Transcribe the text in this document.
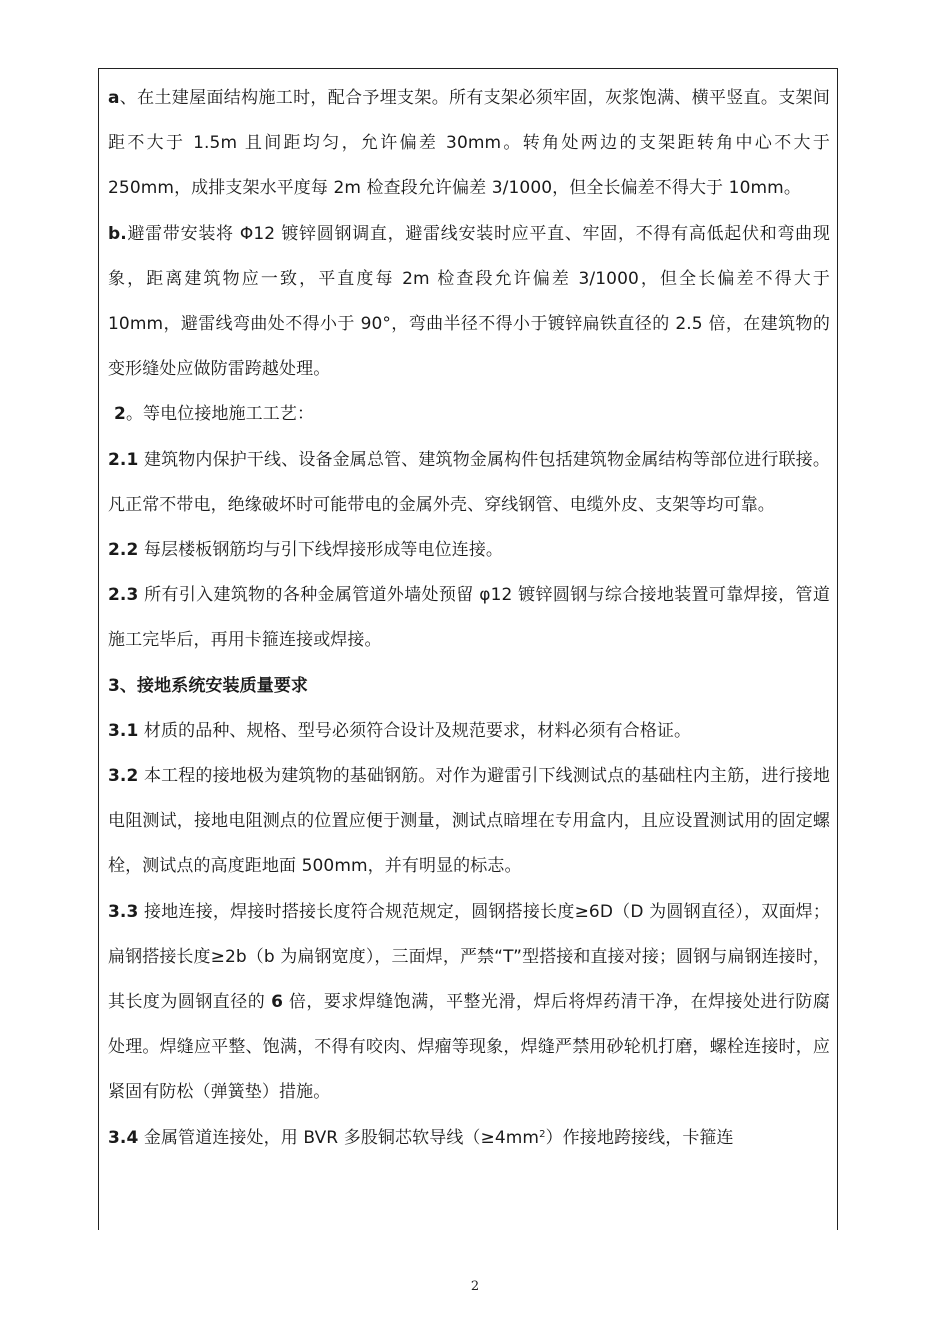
a、在土建屋面结构施工时，配合予埋支架。所有支架必须牢固，灰浆饱满、横平竖直。支架间距不大于 1.5m 且间距均匀，允许偏差 30mm。转角处两边的支架距转角中心不大于 250mm，成排支架水平度每 2m 检查段允许偏差 3/1000，但全长偏差不得大于 10mm。

b.避雷带安装将 Φ12 镀锌圆钢调直，避雷线安装时应平直、牢固，不得有高低起伏和弯曲现象，距离建筑物应一致，平直度每 2m 检查段允许偏差 3/1000，但全长偏差不得大于 10mm，避雷线弯曲处不得小于 90°，弯曲半径不得小于镀锌扁铁直径的 2.5 倍，在建筑物的变形缝处应做防雷跨越处理。

2。等电位接地施工工艺：

2.1 建筑物内保护干线、设备金属总管、建筑物金属构件包括建筑物金属结构等部位进行联接。凡正常不带电，绝缘破坏时可能带电的金属外壳、穿线钢管、电缆外皮、支架等均可靠。

2.2 每层楼板钢筋均与引下线焊接形成等电位连接。

2.3 所有引入建筑物的各种金属管道外墙处预留 φ12 镀锌圆钢与综合接地装置可靠焊接，管道施工完毕后，再用卡箍连接或焊接。

3、接地系统安装质量要求

3.1 材质的品种、规格、型号必须符合设计及规范要求，材料必须有合格证。

3.2 本工程的接地极为建筑物的基础钢筋。对作为避雷引下线测试点的基础柱内主筋，进行接地电阻测试，接地电阻测点的位置应便于测量，测试点暗埋在专用盒内，且应设置测试用的固定螺栓，测试点的高度距地面 500mm，并有明显的标志。

3.3 接地连接，焊接时搭接长度符合规范规定，圆钢搭接长度≥6D（D 为圆钢直径），双面焊；扁钢搭接长度≥2b（b 为扁钢宽度），三面焊，严禁“T”型搭接和直接对接；圆钢与扁钢连接时，其长度为圆钢直径的 6 倍，要求焊缝饱满，平整光滑，焊后将焊药清干净，在焊接处进行防腐处理。焊缝应平整、饱满，不得有咬肉、焊瘤等现象，焊缝严禁用砂轮机打磨，螺栓连接时，应紧固有防松（弹簧垫）措施。

3.4 金属管道连接处，用 BVR 多股铜芯软导线$(\ge 4mm^2)$作接地跨接线，卡箍连

2
